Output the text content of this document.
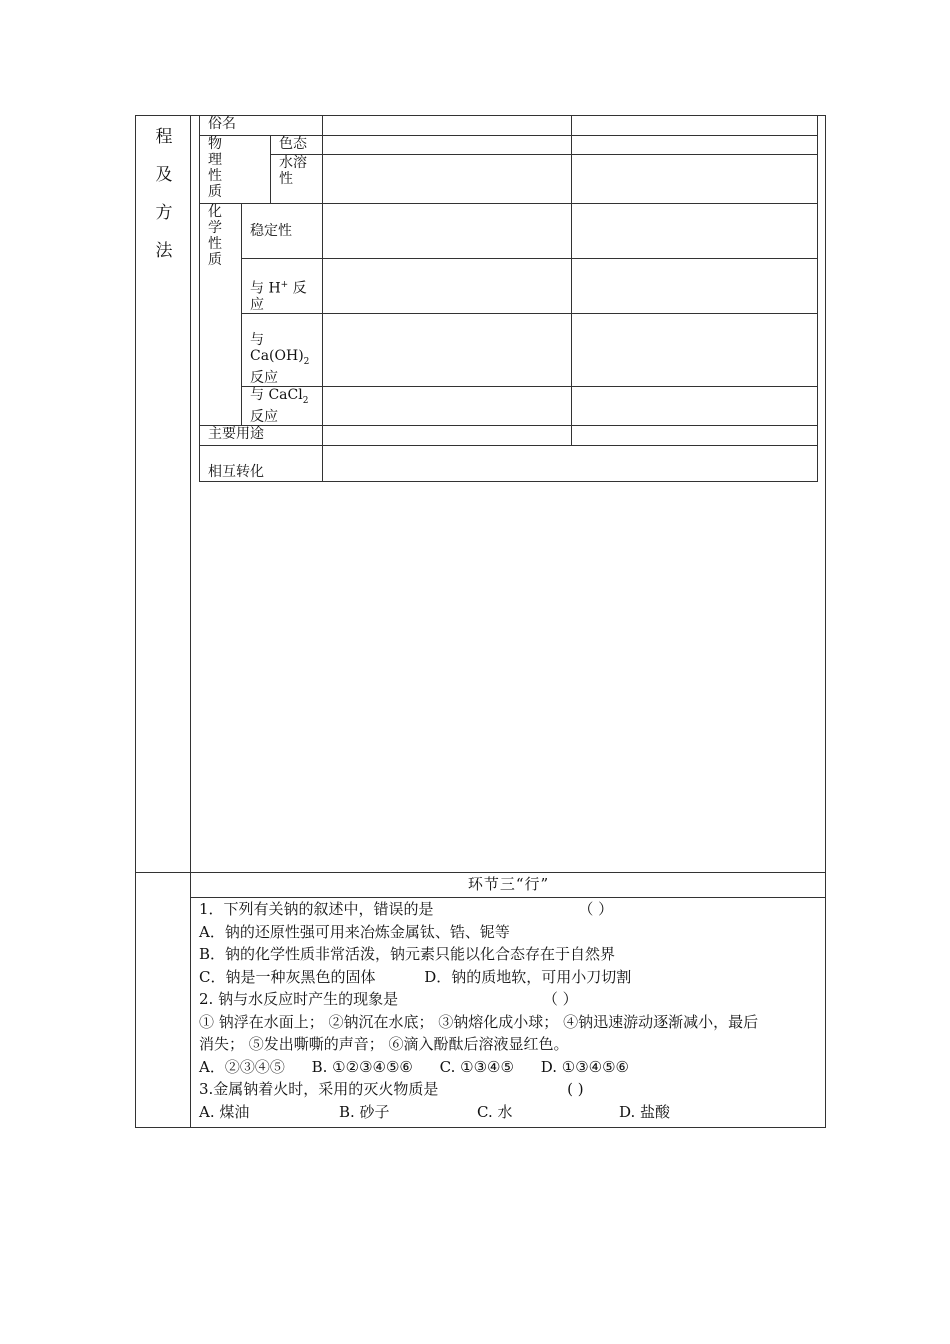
程
及
方
法
俗名				

物理性质		色态		

		水溶性		

化学性质	稳定性			
	与 H+ 反
应			
	与
$Ca(OH)_2$
反应			
	与 CaCl$_2$
反应			
主要用途				
相互转化				
环节三“行”
1．下列有关钠的叙述中，错误的是	（ ）
A．钠的还原性强可用来冶炼金属钛、锆、铌等
B．钠的化学性质非常活泼，钠元素只能以化合态存在于自然界
C．钠是一种灰黑色的固体	D．钠的质地软，可用小刀切割
2. 钠与水反应时产生的现象是	（ ）
① 钠浮在水面上； ②钠沉在水底； ③钠熔化成小球； ④钠迅速游动逐渐减小，最后
消失； ⑤发出嘶嘶的声音； ⑥滴入酚酞后溶液显红色。
A．②③④⑤ B. ①②③④⑤⑥ C. ①③④⑤ D. ①③④⑤⑥
3.金属钠着火时，采用的灭火物质是	( )
A. 煤油	B. 砂子	C. 水	D. 盐酸
